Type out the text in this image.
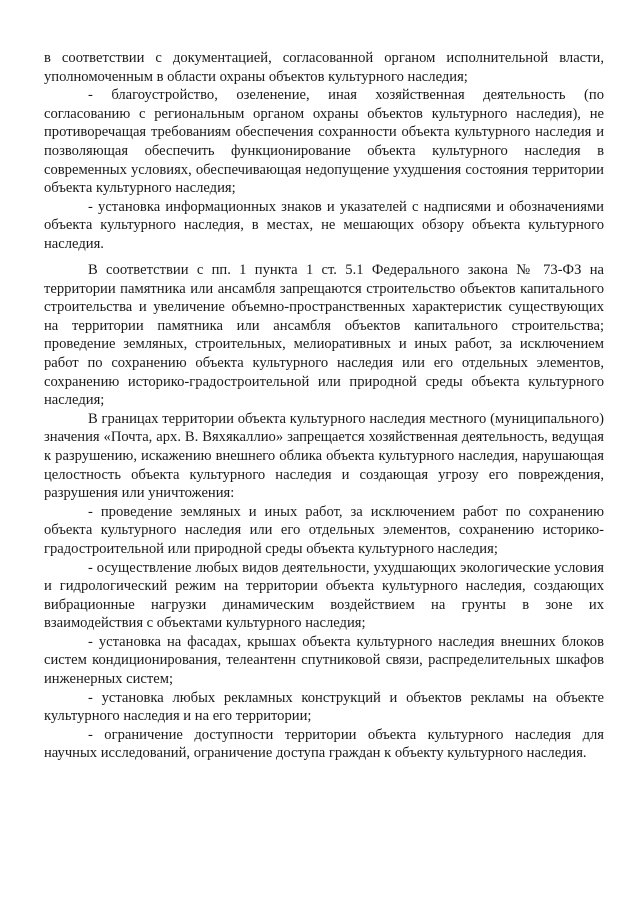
в соответствии с документацией, согласованной органом исполнительной власти, уполномоченным в области охраны объектов культурного наследия;

- благоустройство, озеленение, иная хозяйственная деятельность (по согласованию с региональным органом охраны объектов культурного наследия), не противоречащая требованиям обеспечения сохранности объекта культурного наследия и позволяющая обеспечить функционирование объекта культурного наследия в современных условиях, обеспечивающая недопущение ухудшения состояния территории объекта культурного наследия;

- установка информационных знаков и указателей с надписями и обозначениями объекта культурного наследия, в местах, не мешающих обзору объекта культурного наследия.

В соответствии с пп. 1 пункта 1 ст. 5.1 Федерального закона № 73-ФЗ на территории памятника или ансамбля запрещаются строительство объектов капитального строительства и увеличение объемно-пространственных характеристик существующих на территории памятника или ансамбля объектов капитального строительства; проведение земляных, строительных, мелиоративных и иных работ, за исключением работ по сохранению объекта культурного наследия или его отдельных элементов, сохранению историко-градостроительной или природной среды объекта культурного наследия;

В границах территории объекта культурного наследия местного (муниципального) значения «Почта, арх. В. Вяхякаллио» запрещается хозяйственная деятельность, ведущая к разрушению, искажению внешнего облика объекта культурного наследия, нарушающая целостность объекта культурного наследия и создающая угрозу его повреждения, разрушения или уничтожения:

- проведение земляных и иных работ, за исключением работ по сохранению объекта культурного наследия или его отдельных элементов, сохранению историко-градостроительной или природной среды объекта культурного наследия;

- осуществление любых видов деятельности, ухудшающих экологические условия и гидрологический режим на территории объекта культурного наследия, создающих вибрационные нагрузки динамическим воздействием на грунты в зоне их взаимодействия с объектами культурного наследия;

- установка на фасадах, крышах объекта культурного наследия внешних блоков систем кондиционирования, телеантенн спутниковой связи, распределительных шкафов инженерных систем;

- установка любых рекламных конструкций и объектов рекламы на объекте культурного наследия и на его территории;

- ограничение доступности территории объекта культурного наследия для научных исследований, ограничение доступа граждан к объекту культурного наследия.
